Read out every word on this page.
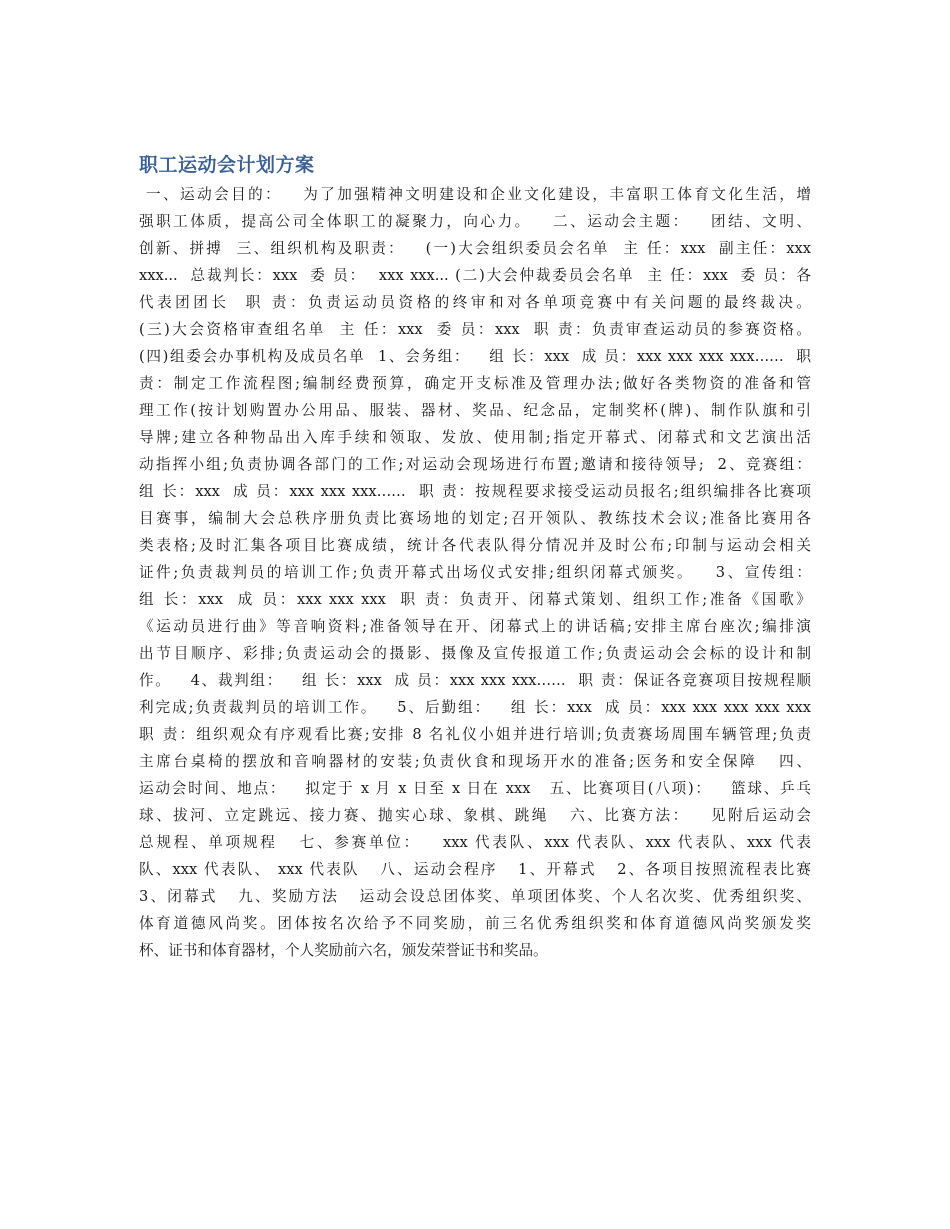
职工运动会计划方案
一、运动会目的：   为了加强精神文明建设和企业文化建设，丰富职工体育文化生活，增
强职工体质，提高公司全体职工的凝聚力，向心力。   二、运动会主题：   团结、文明、
创新、拼搏  三、组织机构及职责：   (一)大会组织委员会名单  主 任：xxx  副主任：xxx
xxx...  总裁判长：xxx  委 员：  xxx xxx... (二)大会仲裁委员会名单  主 任：xxx  委 员：各
代表团团长  职 责：负责运动员资格的终审和对各单项竞赛中有关问题的最终裁决。
(三)大会资格审查组名单  主 任：xxx  委 员：xxx  职 责：负责审查运动员的参赛资格。
(四)组委会办事机构及成员名单  1、会务组：   组 长：xxx  成 员：xxx xxx xxx xxx……  职
责：制定工作流程图;编制经费预算，确定开支标准及管理办法;做好各类物资的准备和管
理工作(按计划购置办公用品、服装、器材、奖品、纪念品，定制奖杯(牌)、制作队旗和引
导牌;建立各种物品出入库手续和领取、发放、使用制;指定开幕式、闭幕式和文艺演出活
动指挥小组;负责协调各部门的工作;对运动会现场进行布置;邀请和接待领导;  2、竞赛组：
组 长：xxx  成 员：xxx xxx xxx……  职 责：按规程要求接受运动员报名;组织编排各比赛项
目赛事，编制大会总秩序册负责比赛场地的划定;召开领队、教练技术会议;准备比赛用各
类表格;及时汇集各项目比赛成绩，统计各代表队得分情况并及时公布;印制与运动会相关
证件;负责裁判员的培训工作;负责开幕式出场仪式安排;组织闭幕式颁奖。   3、宣传组：
组 长：xxx  成 员：xxx xxx xxx  职 责：负责开、闭幕式策划、组织工作;准备《国歌》
《运动员进行曲》等音响资料;准备领导在开、闭幕式上的讲话稿;安排主席台座次;编排演
出节目顺序、彩排;负责运动会的摄影、摄像及宣传报道工作;负责运动会会标的设计和制
作。   4、裁判组：   组 长：xxx  成 员：xxx xxx xxx……  职 责：保证各竞赛项目按规程顺
利完成;负责裁判员的培训工作。   5、后勤组：   组 长：xxx  成 员：xxx xxx xxx xxx xxx
职 责：组织观众有序观看比赛;安排 8 名礼仪小姐并进行培训;负责赛场周围车辆管理;负责
主席台桌椅的摆放和音响器材的安装;负责伙食和现场开水的准备;医务和安全保障   四、
运动会时间、地点：   拟定于 x 月 x 日至 x 日在 xxx   五、比赛项目(八项)：   篮球、乒乓
球、拔河、立定跳远、接力赛、抛实心球、象棋、跳绳   六、比赛方法：   见附后运动会
总规程、单项规程   七、参赛单位：   xxx 代表队、xxx 代表队、xxx 代表队、xxx 代表
队、xxx 代表队、 xxx 代表队   八、运动会程序   1、开幕式   2、各项目按照流程表比赛
3、闭幕式   九、奖励方法   运动会设总团体奖、单项团体奖、个人名次奖、优秀组织奖、
体育道德风尚奖。团体按名次给予不同奖励，前三名优秀组织奖和体育道德风尚奖颁发奖
杯、证书和体育器材，个人奖励前六名，颁发荣誉证书和奖品。
